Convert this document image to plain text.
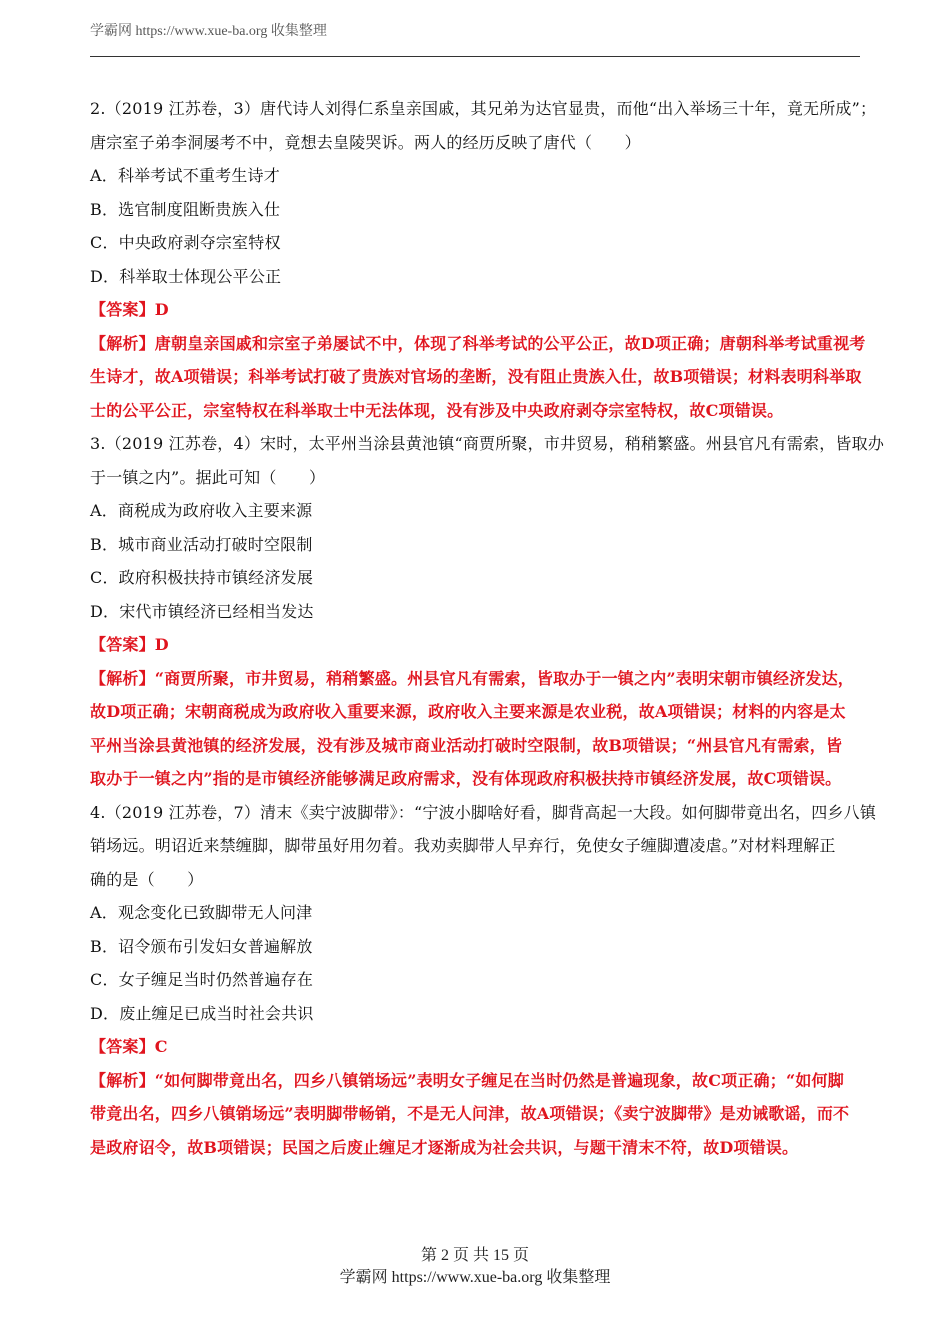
学霸网 https://www.xue-ba.org 收集整理
2.（2019 江苏卷，3）唐代诗人刘得仁系皇亲国戚，其兄弟为达官显贵，而他“出入举场三十年，竟无所成”；
唐宗室子弟李洞屡考不中，竟想去皇陵哭诉。两人的经历反映了唐代（　　）
A．科举考试不重考生诗才
B．选官制度阻断贵族入仕
C．中央政府剥夺宗室特权
D．科举取士体现公平公正
【答案】D
【解析】唐朝皇亲国戚和宗室子弟屡试不中，体现了科举考试的公平公正，故D项正确；唐朝科举考试重视考
生诗才，故A项错误；科举考试打破了贵族对官场的垄断，没有阻止贵族入仕，故B项错误；材料表明科举取
士的公平公正，宗室特权在科举取士中无法体现，没有涉及中央政府剥夺宗室特权，故C项错误。
3.（2019 江苏卷，4）宋时，太平州当涂县黄池镇“商贾所聚，市井贸易，稍稍繁盛。州县官凡有需索，皆取办
于一镇之内”。据此可知（　　）
A．商税成为政府收入主要来源
B．城市商业活动打破时空限制
C．政府积极扶持市镇经济发展
D．宋代市镇经济已经相当发达
【答案】D
【解析】“商贾所聚，市井贸易，稍稍繁盛。州县官凡有需索，皆取办于一镇之内”表明宋朝市镇经济发达，
故D项正确；宋朝商税成为政府收入重要来源，政府收入主要来源是农业税，故A项错误；材料的内容是太
平州当涂县黄池镇的经济发展，没有涉及城市商业活动打破时空限制，故B项错误；“州县官凡有需索，皆
取办于一镇之内”指的是市镇经济能够满足政府需求，没有体现政府积极扶持市镇经济发展，故C项错误。
4.（2019 江苏卷，7）清末《卖宁波脚带》：“宁波小脚啥好看，脚背高起一大段。如何脚带竟出名，四乡八镇
销场远。明诏近来禁缠脚，脚带虽好用勿着。我劝卖脚带人早弃行，免使女子缠脚遭凌虐。”对材料理解正
确的是（　　）
A．观念变化已致脚带无人问津
B．诏令颁布引发妇女普遍解放
C．女子缠足当时仍然普遍存在
D．废止缠足已成当时社会共识
【答案】C
【解析】“如何脚带竟出名，四乡八镇销场远”表明女子缠足在当时仍然是普遍现象，故C项正确；“如何脚
带竟出名，四乡八镇销场远”表明脚带畅销，不是无人问津，故A项错误；《卖宁波脚带》是劝诫歌谣，而不
是政府诏令，故B项错误；民国之后废止缠足才逐渐成为社会共识，与题干清末不符，故D项错误。
第 2 页 共 15 页
学霸网 https://www.xue-ba.org 收集整理
